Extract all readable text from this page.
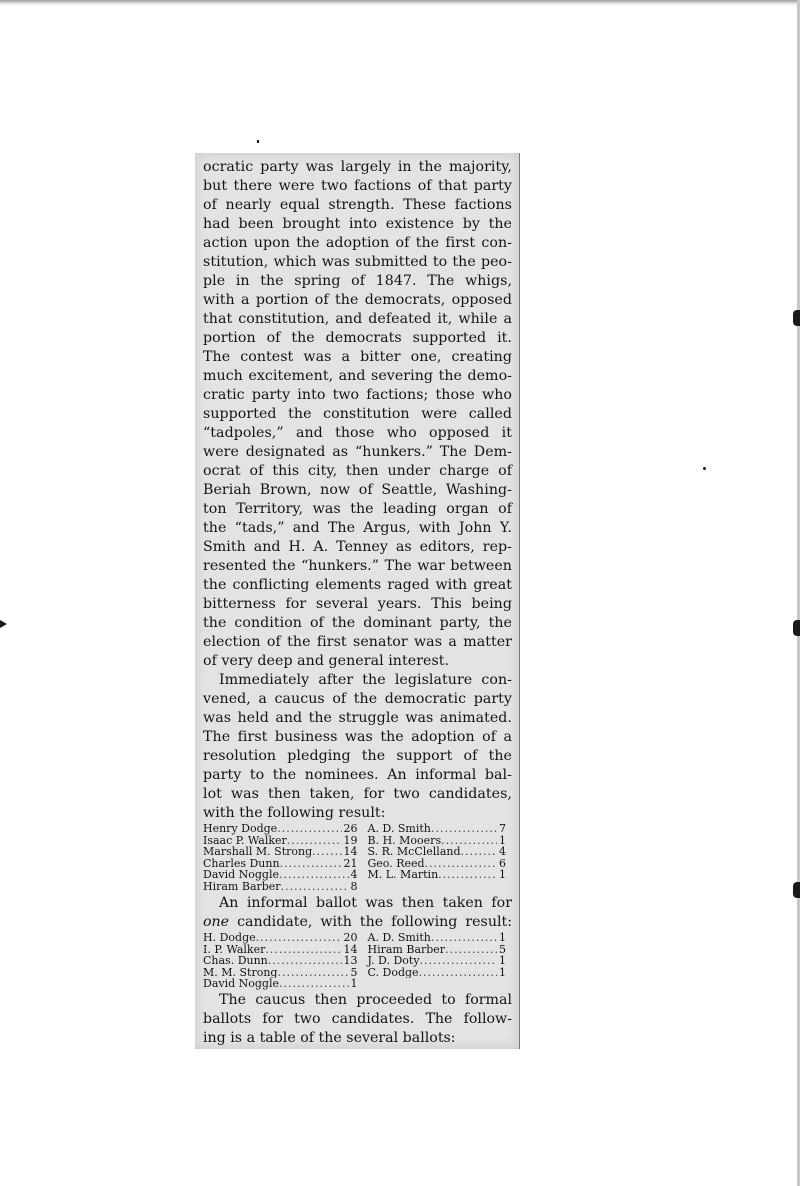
ocratic party was largely in the majority,
but there were two factions of that party
of nearly equal strength. These factions
had been brought into existence by the
action upon the adoption of the first con-
stitution, which was submitted to the peo-
ple in the spring of 1847. The whigs,
with a portion of the democrats, opposed
that constitution, and defeated it, while a
portion of the democrats supported it.
The contest was a bitter one, creating
much excitement, and severing the demo-
cratic party into two factions; those who
supported the constitution were called
“tadpoles,” and those who opposed it
were designated as “hunkers.” The Dem-
ocrat of this city, then under charge of
Beriah Brown, now of Seattle, Washing-
ton Territory, was the leading organ of
the “tads,” and The Argus, with John Y.
Smith and H. A. Tenney as editors, rep-
resented the “hunkers.” The war between
the conflicting elements raged with great
bitterness for several years. This being
the condition of the dominant party, the
election of the first senator was a matter
of very deep and general interest.
Immediately after the legislature con-
vened, a caucus of the democratic party
was held and the struggle was animated.
The first business was the adoption of a
resolution pledging the support of the
party to the nominees. An informal bal-
lot was then taken, for two candidates,
with the following result:
Henry Dodge .....	26 A. D. Smith .....	7
Isaac P. Walker .....	19 B. H. Mooers .....	1
Marshall M. Strong .....	14 S. R. McClelland .....	4
Charles Dunn .....	21 Geo. Reed .....	6
David Noggle .....	4 M. L. Martin .....	1
Hiram Barber .....	8
An informal ballot was then taken for
one candidate, with the following result:
H. Dodge .....	20 A. D. Smith .....	1
I. P. Walker .....	14 Hiram Barber .....	5
Chas. Dunn .....	13 J. D. Doty .....	1
M. M. Strong .....	5 C. Dodge .....	1
David Noggle .....	1
The caucus then proceeded to formal
ballots for two candidates. The follow-
ing is a table of the several ballots:
